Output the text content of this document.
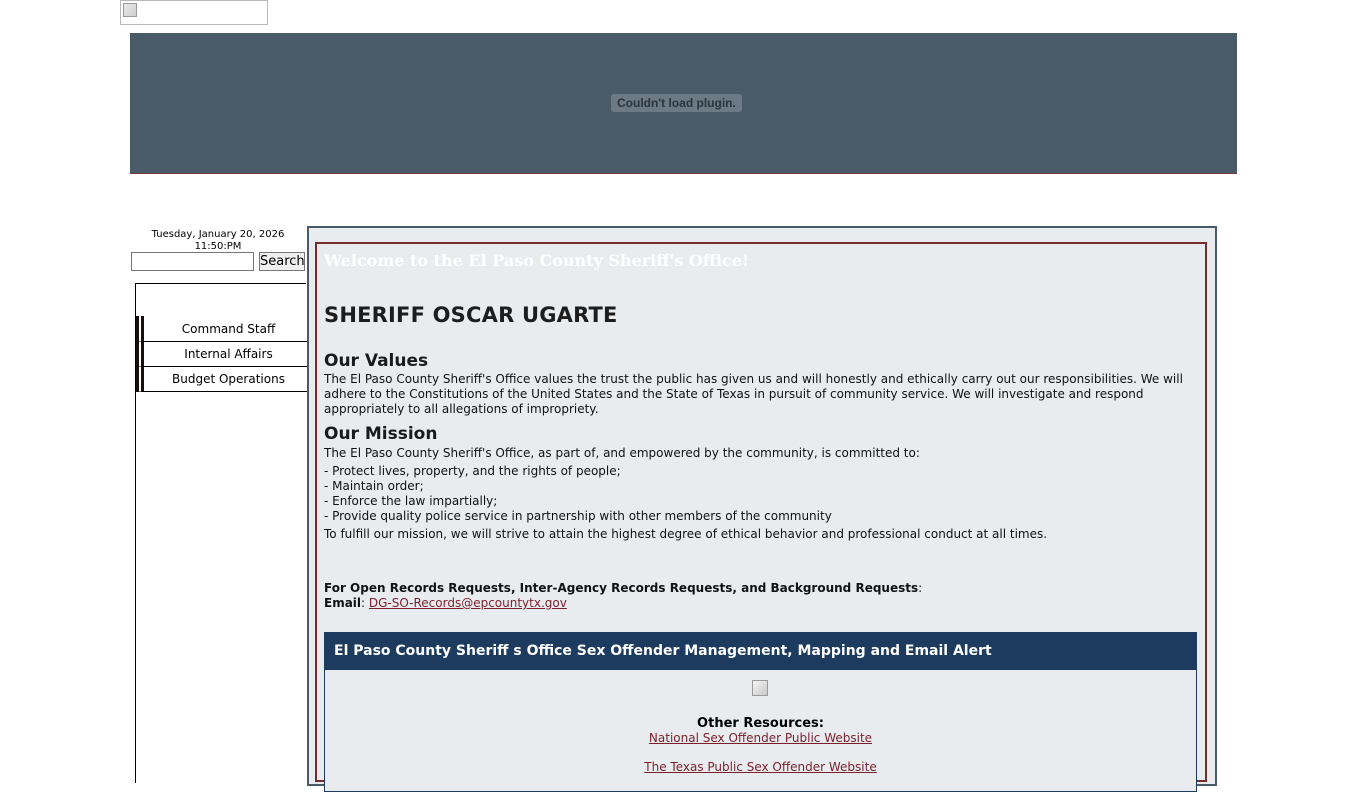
Couldn't load plugin.
Tuesday, January 20, 2026
11:50:PM
Search
Command Staff
Internal Affairs
Budget Operations
Welcome to the El Paso County Sheriff's Office!
SHERIFF OSCAR UGARTE
Our Values

The El Paso County Sheriff's Office values the trust the public has given us and will honestly and ethically carry out our responsibilities. We will adhere to the Constitutions of the United States and the State of Texas in pursuit of community service. We will investigate and respond appropriately to all allegations of impropriety.

Our Mission

The El Paso County Sheriff's Office, as part of, and empowered by the community, is committed to:

- Protect lives, property, and the rights of people;
- Maintain order;
- Enforce the law impartially;
- Provide quality police service in partnership with other members of the community

To fulfill our mission, we will strive to attain the highest degree of ethical behavior and professional conduct at all times.

For Open Records Requests, Inter-Agency Records Requests, and Background Requests:
Email: DG-SO-Records@epcountytx.gov
El Paso County Sheriff s Office Sex Offender Management, Mapping and Email Alert
Other Resources:
National Sex Offender Public Website
The Texas Public Sex Offender Website
